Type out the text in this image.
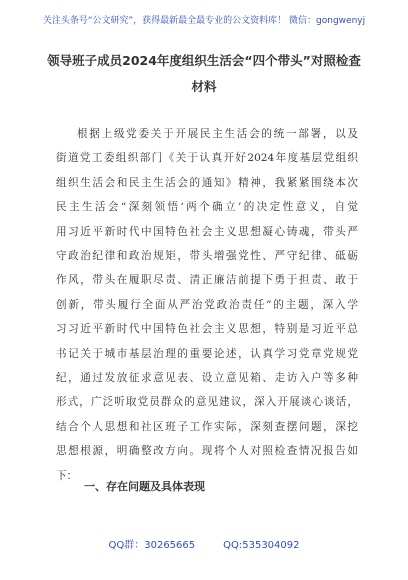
关注头条号“公文研究”，获得最新最全最专业的公文资料库！ 微信：gongwenyj
领导班子成员2024年度组织生活会“四个带头”对照检查
材料
根据上级党委关于开展民主生活会的统一部署，以及
街道党工委组织部门《关于认真开好2024年度基层党组织
组织生活会和民主生活会的通知》精神，我紧紧围绕本次
民主生活会“深刻领悟‘两个确立’的决定性意义，自觉
用习近平新时代中国特色社会主义思想凝心铸魂，带头严
守政治纪律和政治规矩，带头增强党性、严守纪律、砥砺
作风，带头在履职尽责、清正廉洁前提下勇于担责、敢于
创新，带头履行全面从严治党政治责任”的主题，深入学
习习近平新时代中国特色社会主义思想，特别是习近平总
书记关于城市基层治理的重要论述，认真学习党章党规党
纪，通过发放征求意见表、设立意见箱、走访入户等多种
形式，广泛听取党员群众的意见建议，深入开展谈心谈话，
结合个人思想和社区班子工作实际，深刻查摆问题，深挖
思想根源，明确整改方向。现将个人对照检查情况报告如
下：
一、存在问题及具体表现
QQ群：30265665	QQ:535304092
